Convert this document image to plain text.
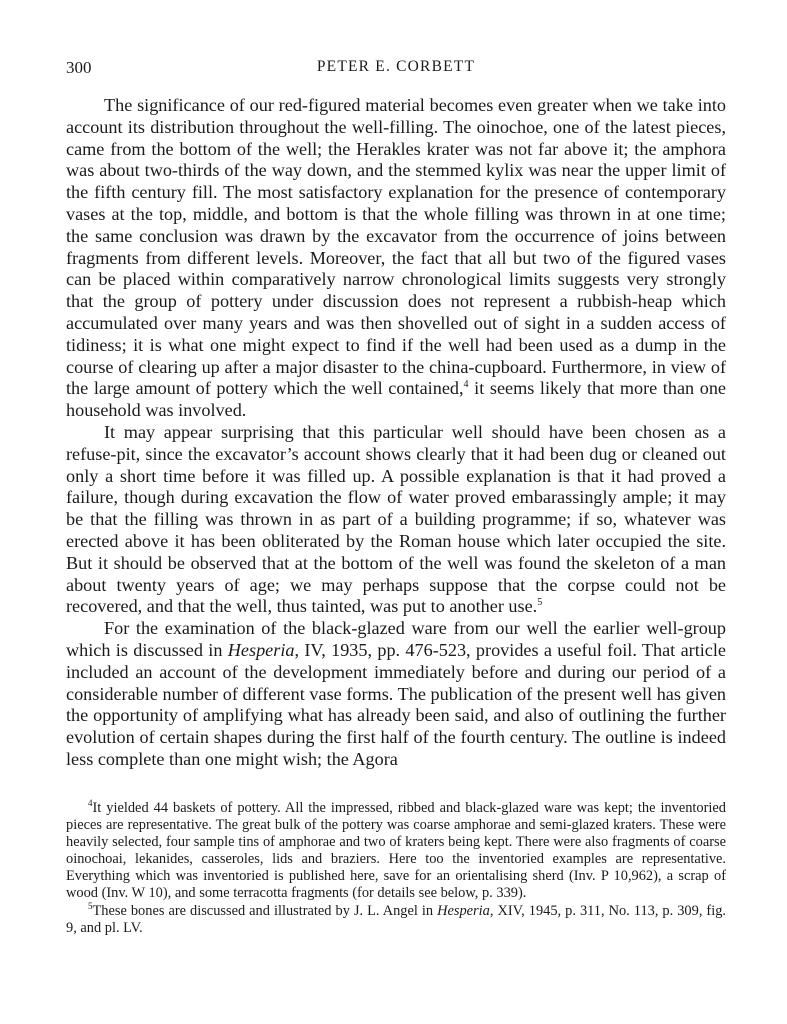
300	PETER E. CORBETT

The significance of our red-figured material becomes even greater when we take into account its distribution throughout the well-filling. The oinochoe, one of the latest pieces, came from the bottom of the well; the Herakles krater was not far above it; the amphora was about two-thirds of the way down, and the stemmed kylix was near the upper limit of the fifth century fill. The most satisfactory explanation for the presence of contemporary vases at the top, middle, and bottom is that the whole filling was thrown in at one time; the same conclusion was drawn by the excavator from the occurrence of joins between fragments from different levels. Moreover, the fact that all but two of the figured vases can be placed within comparatively narrow chronological limits suggests very strongly that the group of pottery under discussion does not represent a rubbish-heap which accumulated over many years and was then shovelled out of sight in a sudden access of tidiness; it is what one might expect to find if the well had been used as a dump in the course of clearing up after a major disaster to the china-cupboard. Furthermore, in view of the large amount of pottery which the well contained,$^4$ it seems likely that more than one household was involved.

It may appear surprising that this particular well should have been chosen as a refuse-pit, since the excavator’s account shows clearly that it had been dug or cleaned out only a short time before it was filled up. A possible explanation is that it had proved a failure, though during excavation the flow of water proved embarassingly ample; it may be that the filling was thrown in as part of a building programme; if so, whatever was erected above it has been obliterated by the Roman house which later occupied the site. But it should be observed that at the bottom of the well was found the skeleton of a man about twenty years of age; we may perhaps suppose that the corpse could not be recovered, and that the well, thus tainted, was put to another use.$^5$

For the examination of the black-glazed ware from our well the earlier well-group which is discussed in Hesperia, IV, 1935, pp. 476-523, provides a useful foil. That article included an account of the development immediately before and during our period of a considerable number of different vase forms. The publication of the present well has given the opportunity of amplifying what has already been said, and also of outlining the further evolution of certain shapes during the first half of the fourth century. The outline is indeed less complete than one might wish; the Agora

$^4$It yielded 44 baskets of pottery. All the impressed, ribbed and black-glazed ware was kept; the inventoried pieces are representative. The great bulk of the pottery was coarse amphorae and semi-glazed kraters. These were heavily selected, four sample tins of amphorae and two of kraters being kept. There were also fragments of coarse oinochoai, lekanides, casseroles, lids and braziers. Here too the inventoried examples are representative. Everything which was inventoried is published here, save for an orientalising sherd (Inv. P 10,962), a scrap of wood (Inv. W 10), and some terracotta fragments (for details see below, p. 339).

$^5$These bones are discussed and illustrated by J. L. Angel in Hesperia, XIV, 1945, p. 311, No. 113, p. 309, fig. 9, and pl. LV.
